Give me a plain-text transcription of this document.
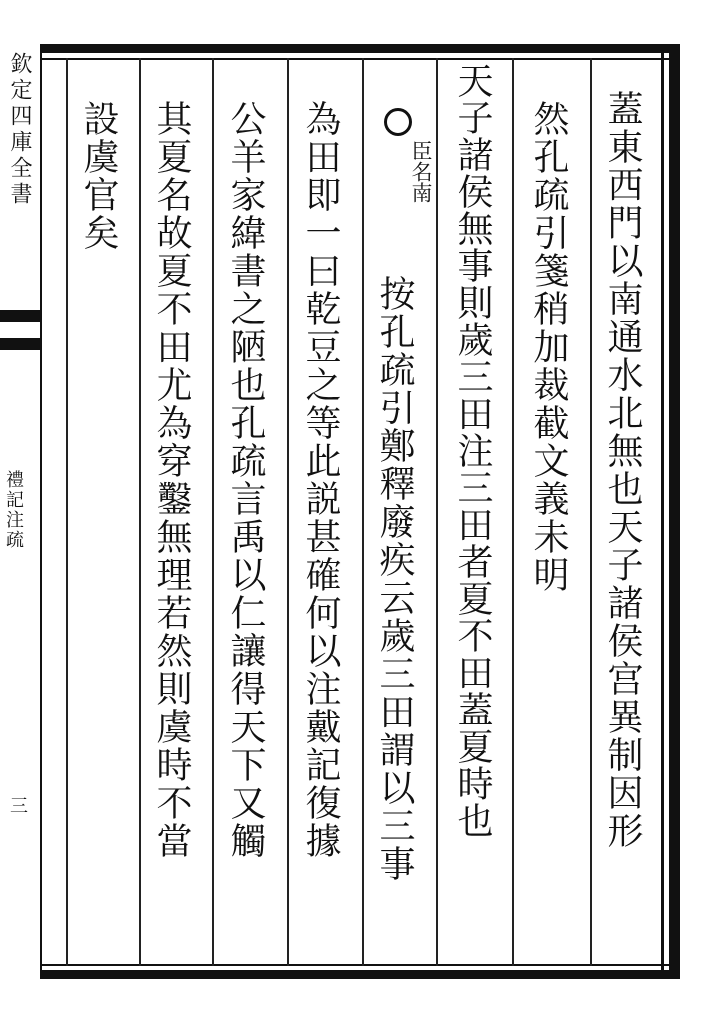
欽定四庫全書
禮記注疏
三	蓋東西門以南通水北無也天子諸侯宫異制因形
然孔疏引箋稍加裁截文義未明
天子諸侯無事則歲三田注三田者夏不田蓋夏時也
臣名南
按孔疏引鄭釋廢疾云歲三田謂以三事
為田即一曰乾豆之等此説甚確何以注戴記復據
公羊家緯書之陋也孔疏言禹以仁讓得天下又觸
其夏名故夏不田尤為穿鑿無理若然則虞時不當
設虞官矣
